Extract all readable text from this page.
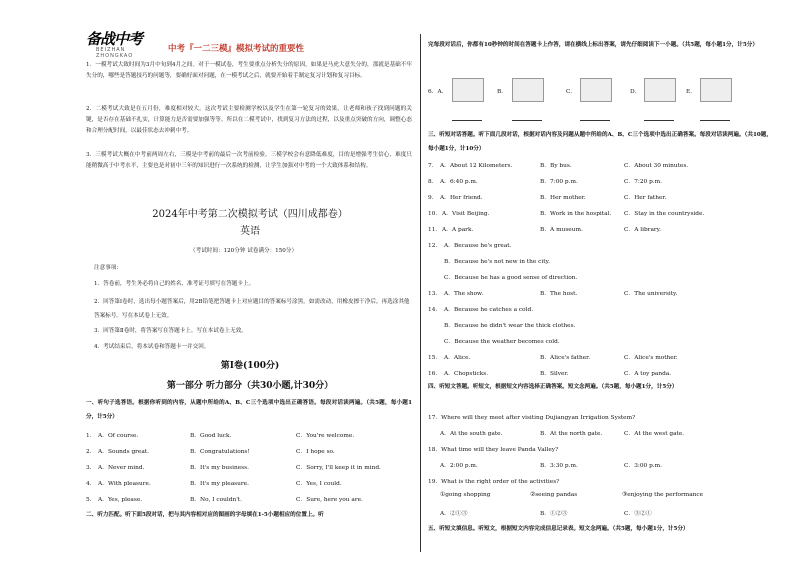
备战中考
BEIZHAN ZHONGKAO
中考『一二三模』模拟考试的重要性
1．一模考试大致时间为3月中旬到4月之间。对于一模试卷，考生要重点分析失分的原因，如果是马虎大意失分的，那就是基础不牢失分的，哪些是答题技巧的问题等，要确好面对问题，在一模考试之后，就要开始着手制定复习计划和复习目标。
2．二模考试大致是在五月份，难度相对较大。这次考试主要检测学校以及学生在第一轮复习的效果，让老师和孩子找到问题的关键，是否存在基础不扎实，计算能力是否需要加强等等。所以在二模考试中，找到复习方法的过程，以及重点突破的方向，调整心态和合理分配时间，以最佳状态去冲刺中考。
3．三模考试大概在中考前两周左右，三模是中考前的最后一次考前检验。三模学校会有意降低难度，目的是增强考生信心，难度只能稍微高于中考水平，主要也是对初中三年的知识进行一次系统的检测，让学生加强对中考的一个大致体系和结构。
2024年中考第二次模拟考试（四川成都卷）
英语
（考试时间：120分钟 试卷满分：150分）
注意事项：
1．答卷前，考生务必将自己的姓名、准考证号填写在答题卡上。
2．回答第Ⅰ卷时，选出每小题答案后，用2B铅笔把答题卡上对应题目的答案标号涂黑。如需改动，用橡皮擦干净后，再选涂其他答案标号。写在本试卷上无效。
3．回答第Ⅱ卷时，将答案写在答题卡上。写在本试卷上无效。
4．考试结束后，将本试卷和答题卡一并交回。
第Ⅰ卷(100分)
第一部分 听力部分（共30小题,计30分）
一、听句子选答语。根据你听到的内容，从题中所给的A、B、C三个选项中选出正确答语。每段对话读两遍。（共5题，每小题1分，计5分）
1． A．Of course.	B．Good luck.	C．You're welcome.
2． A．Sounds great.	B．Congratulations!	C．I hope so.
3． A．Never mind.	B．It's my business.	C．Sorry, I'll keep it in mind.
4． A．With pleasure.	B．It's my pleasure.	C．Yes, I could.
5． A．Yes, please.	B．No, I couldn't.	C．Sure, here you are.
二、听力匹配。听下面5段对话，把与其内容相对应的图画的字母填在1-5小题相应的位置上。听
完每段对话后，你都有10秒钟的时间在答题卡上作答，请在横线上标出答案，请先仔细阅读下一小题。（共5题，每小题1分，计5分）
6．A．	B．	C．	D．	E．
三、听短对话答题。听下面几段对话，根据对话内容及问题从题中所给的A、B、C三个选项中选出正确答案。每段对话读两遍。（共10题，每小题1分，计10分）
7． A．About 12 Kilometers.	B．By bus.	C．About 30 minutes.
8． A．6:40 p.m.	B．7:00 p.m.	C．7:20 p.m.
9． A．Her friend.	B．Her mother.	C．Her father.
10． A．Visit Beijing.	B．Work in the hospital. C．Stay in the countryside.
11． A．A park.	B．A museum.	C．A library.
12． A．Because he's great.
B．Because he's not new in the city.
C．Because he has a good sense of direction.
13． A．The show.	B．The host.	C．The university.
14． A．Because he catches a cold.
B．Because he didn't wear the thick clothes.
C．Because the weather becomes cold.
15． A．Alice.	B．Alice's father.	C．Alice's mother.
16． A．Chopsticks.	B．Silver.	C．A toy panda.
四、听短文答题。听短文，根据短文内容选择正确答案。短文念两遍。（共5题，每小题1分，计5分）
17．Where will they meet after visiting Dujiangyan Irrigation System?
A．At the south gate.	B．At the north gate.	C．At the west gate.
18．What time will they leave Panda Valley?
A．2:00 p.m.	B．3:30 p.m.	C．3:00 p.m.
19．What is the right order of the activities?
①going shopping	②seeing pandas	③enjoying the performance
A．②①③	B．①②③	C．③②①
五、听短文填信息。听短文，根据短文内容完成信息记录表。短文念两遍。（共5题，每小题1分，计5分）
